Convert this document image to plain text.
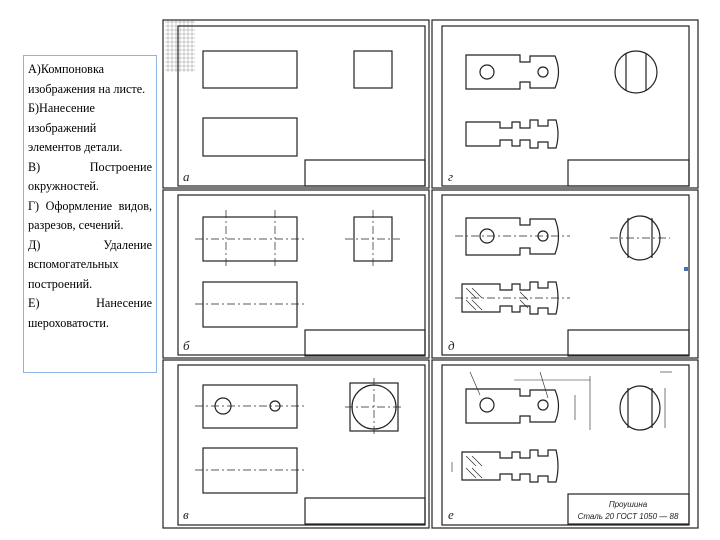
А)Компоновка изображения на листе.
Б)Нанесение изображений элементов детали.
В) Построение окружностей.
Г) Оформление видов, разрезов, сечений.
Д) Удаление вспомогательных построений.
Е) Нанесение шероховатости.
а
б
в
г
д
е
Проушина
Сталь 20 ГОСТ 1050 — 88
